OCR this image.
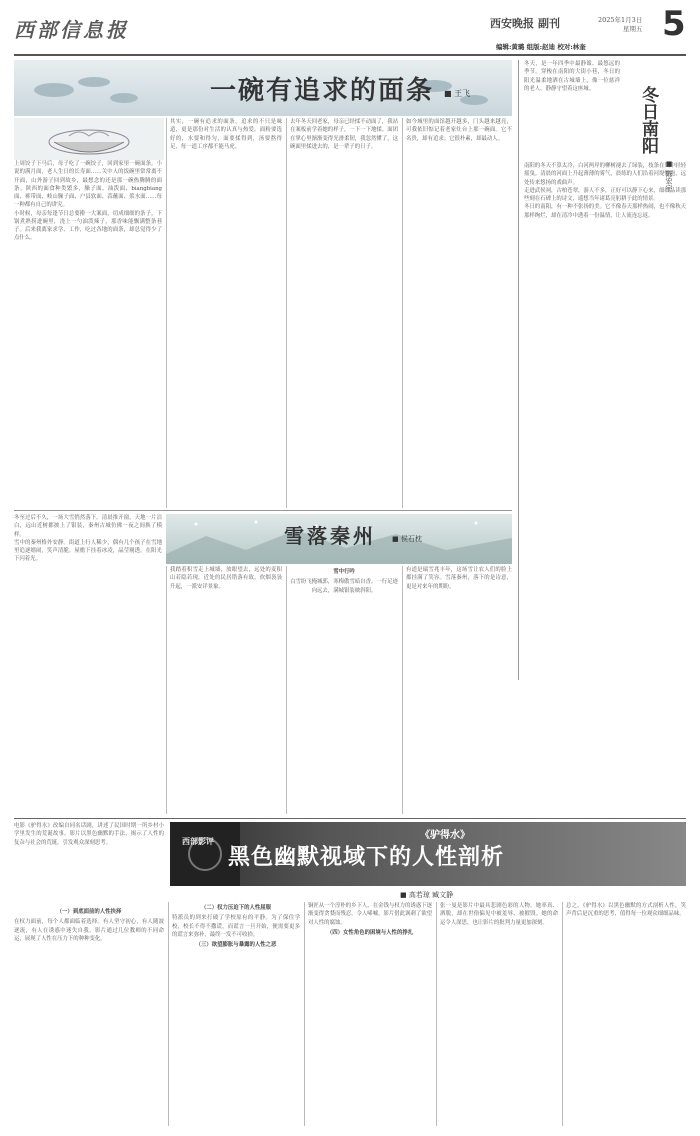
西部信息报	西安晚报 副刊	2025年1月3日
星期五 5
编辑:黄璐 组版:赵迪 校对:林奎
一碗有追求的面条 ■ 王飞

上周饺子下马后，母子吃了一碗饺子，回到家里一碗面条。小说的满月面，老人生日的长寿面……关中人的饭碗里常常离不开面，山外游子回到故乡，最想念的还是那一碗热腾腾的面条。陕西的面食种类繁多，臊子面、油泼面、biangbiang面、裤带面、岐山臊子面、户县软面、蒜蘸面、浆水面……每一种都有自己的讲究。

小时候，母亲每逢节日总要擀一大案面，切成细细的条子，下锅煮熟捞进碗里，浇上一勺油泼辣子，那香味能飘满整条巷子。后来我离家求学、工作，吃过各地的面条，却总觉得少了点什么。

其实，一碗有追求的面条，追求的不只是味道，更是那份对生活的认真与热爱。面粉要选好的，水要和得匀，面要揉得到，汤要熬得足，每一道工序都不能马虎。

去年冬天回老家，母亲已经揉不动面了，我站在案板前学着她的样子，一下一下地揉。面团在掌心里渐渐变得光滑柔韧，我忽然懂了，这碗面里揉进去的，是一辈子的日子。

如今城里的面馆越开越多，门头越来越亮，可我依旧惦记着老家灶台上那一碗面。它不名贵，却有追求；它很朴素，却最动人。

冬天，是一年四季中最静谧、最悠远的季节。穿梭在南阳的大街小巷，冬日的阳光温柔地洒在古城墙上，像一位慈祥的老人，静静守望着这座城。	冬日南阳
■ 陈宏宇

南阳的冬天不算太冷，白河两岸的柳树褪去了绿装，枝条在风中轻轻摇曳。清晨的河面上升起薄薄的雾气，晨练的人们沿着河堤慢跑，远处传来悠扬的戏曲声。

走进武侯祠，古柏苍翠，游人不多，正好可以静下心来，细细品读那些刻在石碑上的诗文，遥想当年诸葛亮躬耕于此的情景。

冬日的南阳，有一种不张扬的美。它不像春天那样热闹，也不像秋天那样绚烂，却在清冷中透着一份温情，让人流连忘返。

雪落秦州 ■ 侯石枕

冬至过后不久，一场大雪悄然落下。清晨推开窗，天地一片洁白，远山近树都披上了银装，秦州古城仿佛一夜之间换了模样。

雪中的秦州格外安静。街道上行人稀少，偶有几个孩子在雪地里追逐嬉闹，笑声清脆。屋檐下挂着冰凌，晶莹剔透，在阳光下闪着光。

我踏着积雪走上城墙，放眼望去，远处的麦积山若隐若现，近处的民居错落有致，炊烟袅袅升起，一派安详景象。

雪中行吟

白雪纷飞掩城郭，寒梅傲雪暗自香。一行足迹向远去，满城银装映斜阳。

有道是瑞雪兆丰年，这场雪让农人们的脸上都挂满了笑容。雪落秦州，落下的是诗意，更是对来年的期盼。

电影《驴得水》改编自同名话剧，讲述了民国时期一所乡村小学里发生的荒诞故事。影片以黑色幽默的手法，揭示了人性的复杂与社会的荒诞，引发观众深刻思考。	西部影评	《驴得水》
黑色幽默视域下的人性剖析
■ 高若琼 臧文静
（一）到底面前的人性抉择

在权力面前，每个人都面临着选择。有人坚守初心，有人随波逐流，有人在诱惑中迷失自我。影片通过几位教师的不同命运，展现了人性在压力下的种种变化。

（二）权力压迫下的人性屈服

特派员的到来打破了学校原有的平静。为了保住学校，校长不得不撒谎，而谎言一旦开始，便需要更多的谎言来弥补，最终一发不可收拾。

（三）欲望膨胀与暴露的人性之恶

铜匠从一个淳朴的乡下人，在金钱与权力的诱惑下逐渐变得贪婪而残忍，令人唏嘘。影片借此讽刺了欲望对人性的腐蚀。

（四）女性角色的困境与人性的挣扎

张一曼是影片中最具悲剧色彩的人物。她率真、洒脱，却在世俗偏见中被羞辱、被摧毁。她的命运令人深思，也让影片的批判力量更加深刻。

总之，《驴得水》以黑色幽默的方式剖析人性，笑声背后是沉重的思考，值得每一位观众细细品味。
